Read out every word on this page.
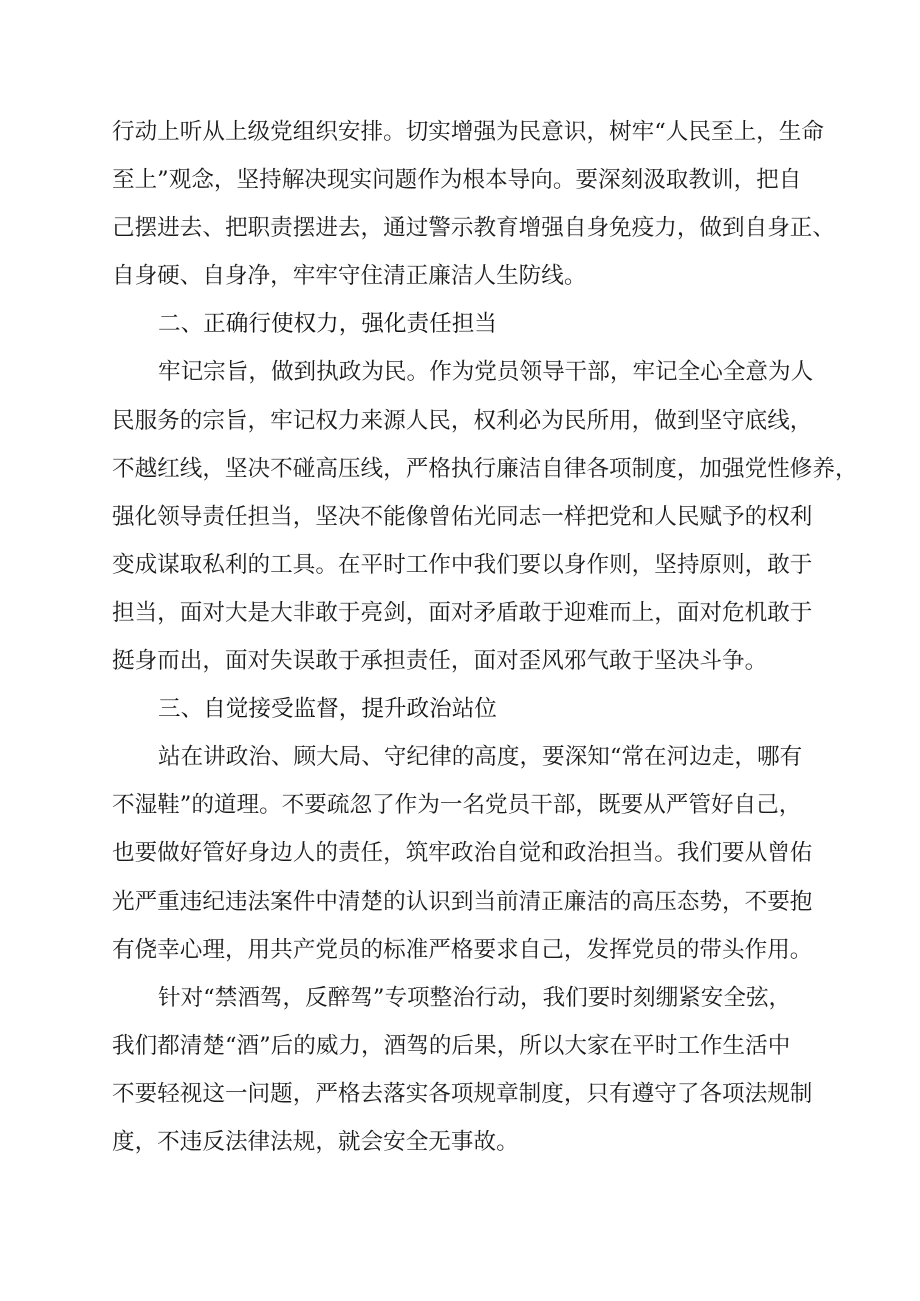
行动上听从上级党组织安排。切实增强为民意识，树牢“人民至上，生命
至上”观念，坚持解决现实问题作为根本导向。要深刻汲取教训，把自
己摆进去、把职责摆进去，通过警示教育增强自身免疫力，做到自身正、
自身硬、自身净，牢牢守住清正廉洁人生防线。
二、正确行使权力，强化责任担当
牢记宗旨，做到执政为民。作为党员领导干部，牢记全心全意为人
民服务的宗旨，牢记权力来源人民，权利必为民所用，做到坚守底线，
不越红线，坚决不碰高压线，严格执行廉洁自律各项制度，加强党性修养，
强化领导责任担当，坚决不能像曾佑光同志一样把党和人民赋予的权利
变成谋取私利的工具。在平时工作中我们要以身作则，坚持原则，敢于
担当，面对大是大非敢于亮剑，面对矛盾敢于迎难而上，面对危机敢于
挺身而出，面对失误敢于承担责任，面对歪风邪气敢于坚决斗争。
三、自觉接受监督，提升政治站位
站在讲政治、顾大局、守纪律的高度，要深知“常在河边走，哪有
不湿鞋”的道理。不要疏忽了作为一名党员干部，既要从严管好自己，
也要做好管好身边人的责任，筑牢政治自觉和政治担当。我们要从曾佑
光严重违纪违法案件中清楚的认识到当前清正廉洁的高压态势，不要抱
有侥幸心理，用共产党员的标准严格要求自己，发挥党员的带头作用。
针对“禁酒驾，反醉驾”专项整治行动，我们要时刻绷紧安全弦，
我们都清楚“酒”后的威力，酒驾的后果，所以大家在平时工作生活中
不要轻视这一问题，严格去落实各项规章制度，只有遵守了各项法规制
度，不违反法律法规，就会安全无事故。
